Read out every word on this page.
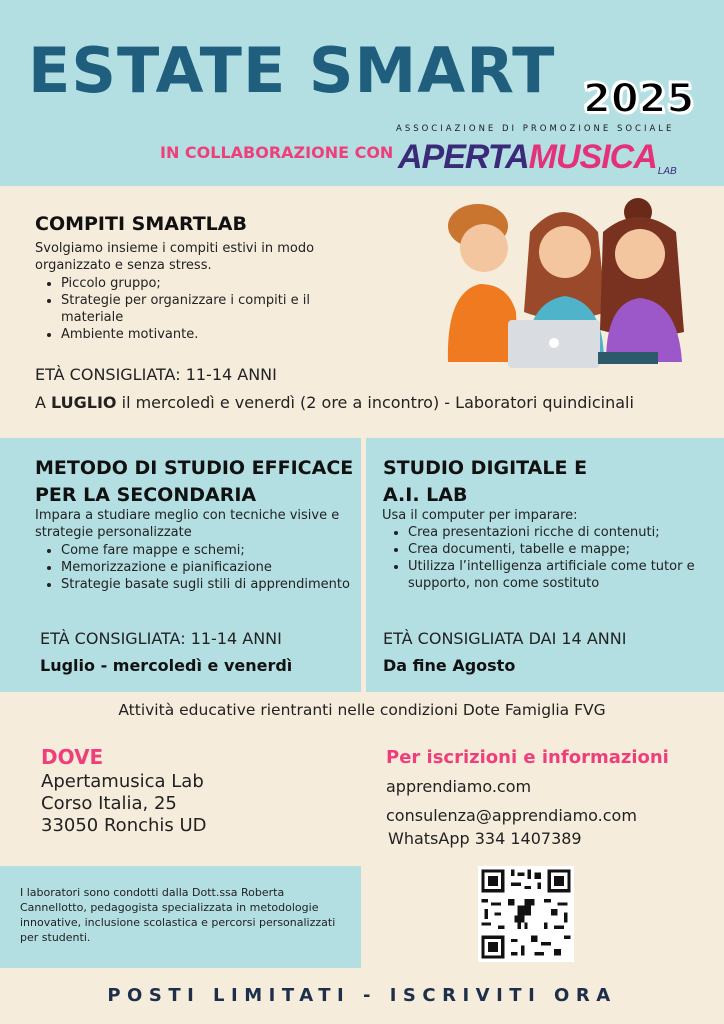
ESTATE SMART 2025
IN COLLABORAZIONE CON
ASSOCIAZIONE DI PROMOZIONE SOCIALE
APERTAMUSICALAB
COMPITI SMARTLAB
Svolgiamo insieme i compiti estivi in modo organizzato e senza stress.
• Piccolo gruppo;
• Strategie per organizzare i compiti e il materiale
• Ambiente motivante.
ETÀ CONSIGLIATA: 11-14 ANNI
A LUGLIO il mercoledì e venerdì (2 ore a incontro) - Laboratori quindicinali
METODO DI STUDIO EFFICACE
PER LA SECONDARIA
Impara a studiare meglio con tecniche visive e strategie personalizzate
• Come fare mappe e schemi;
• Memorizzazione e pianificazione
• Strategie basate sugli stili di apprendimento
ETÀ CONSIGLIATA: 11-14 ANNI
Luglio - mercoledì e venerdì
STUDIO DIGITALE E
A.I. LAB
Usa il computer per imparare:
• Crea presentazioni ricche di contenuti;
• Crea documenti, tabelle e mappe;
• Utilizza l’intelligenza artificiale come tutor e supporto, non come sostituto
ETÀ CONSIGLIATA DAI 14 ANNI
Da fine Agosto
Attività educative rientranti nelle condizioni Dote Famiglia FVG
DOVE
Apertamusica Lab
Corso Italia, 25
33050 Ronchis UD
Per iscrizioni e informazioni
apprendiamo.com
consulenza@apprendiamo.com
WhatsApp 334 1407389
I laboratori sono condotti dalla Dott.ssa Roberta Cannellotto, pedagogista specializzata in metodologie innovative, inclusione scolastica e percorsi personalizzati per studenti.
POSTI LIMITATI - ISCRIVITI ORA
